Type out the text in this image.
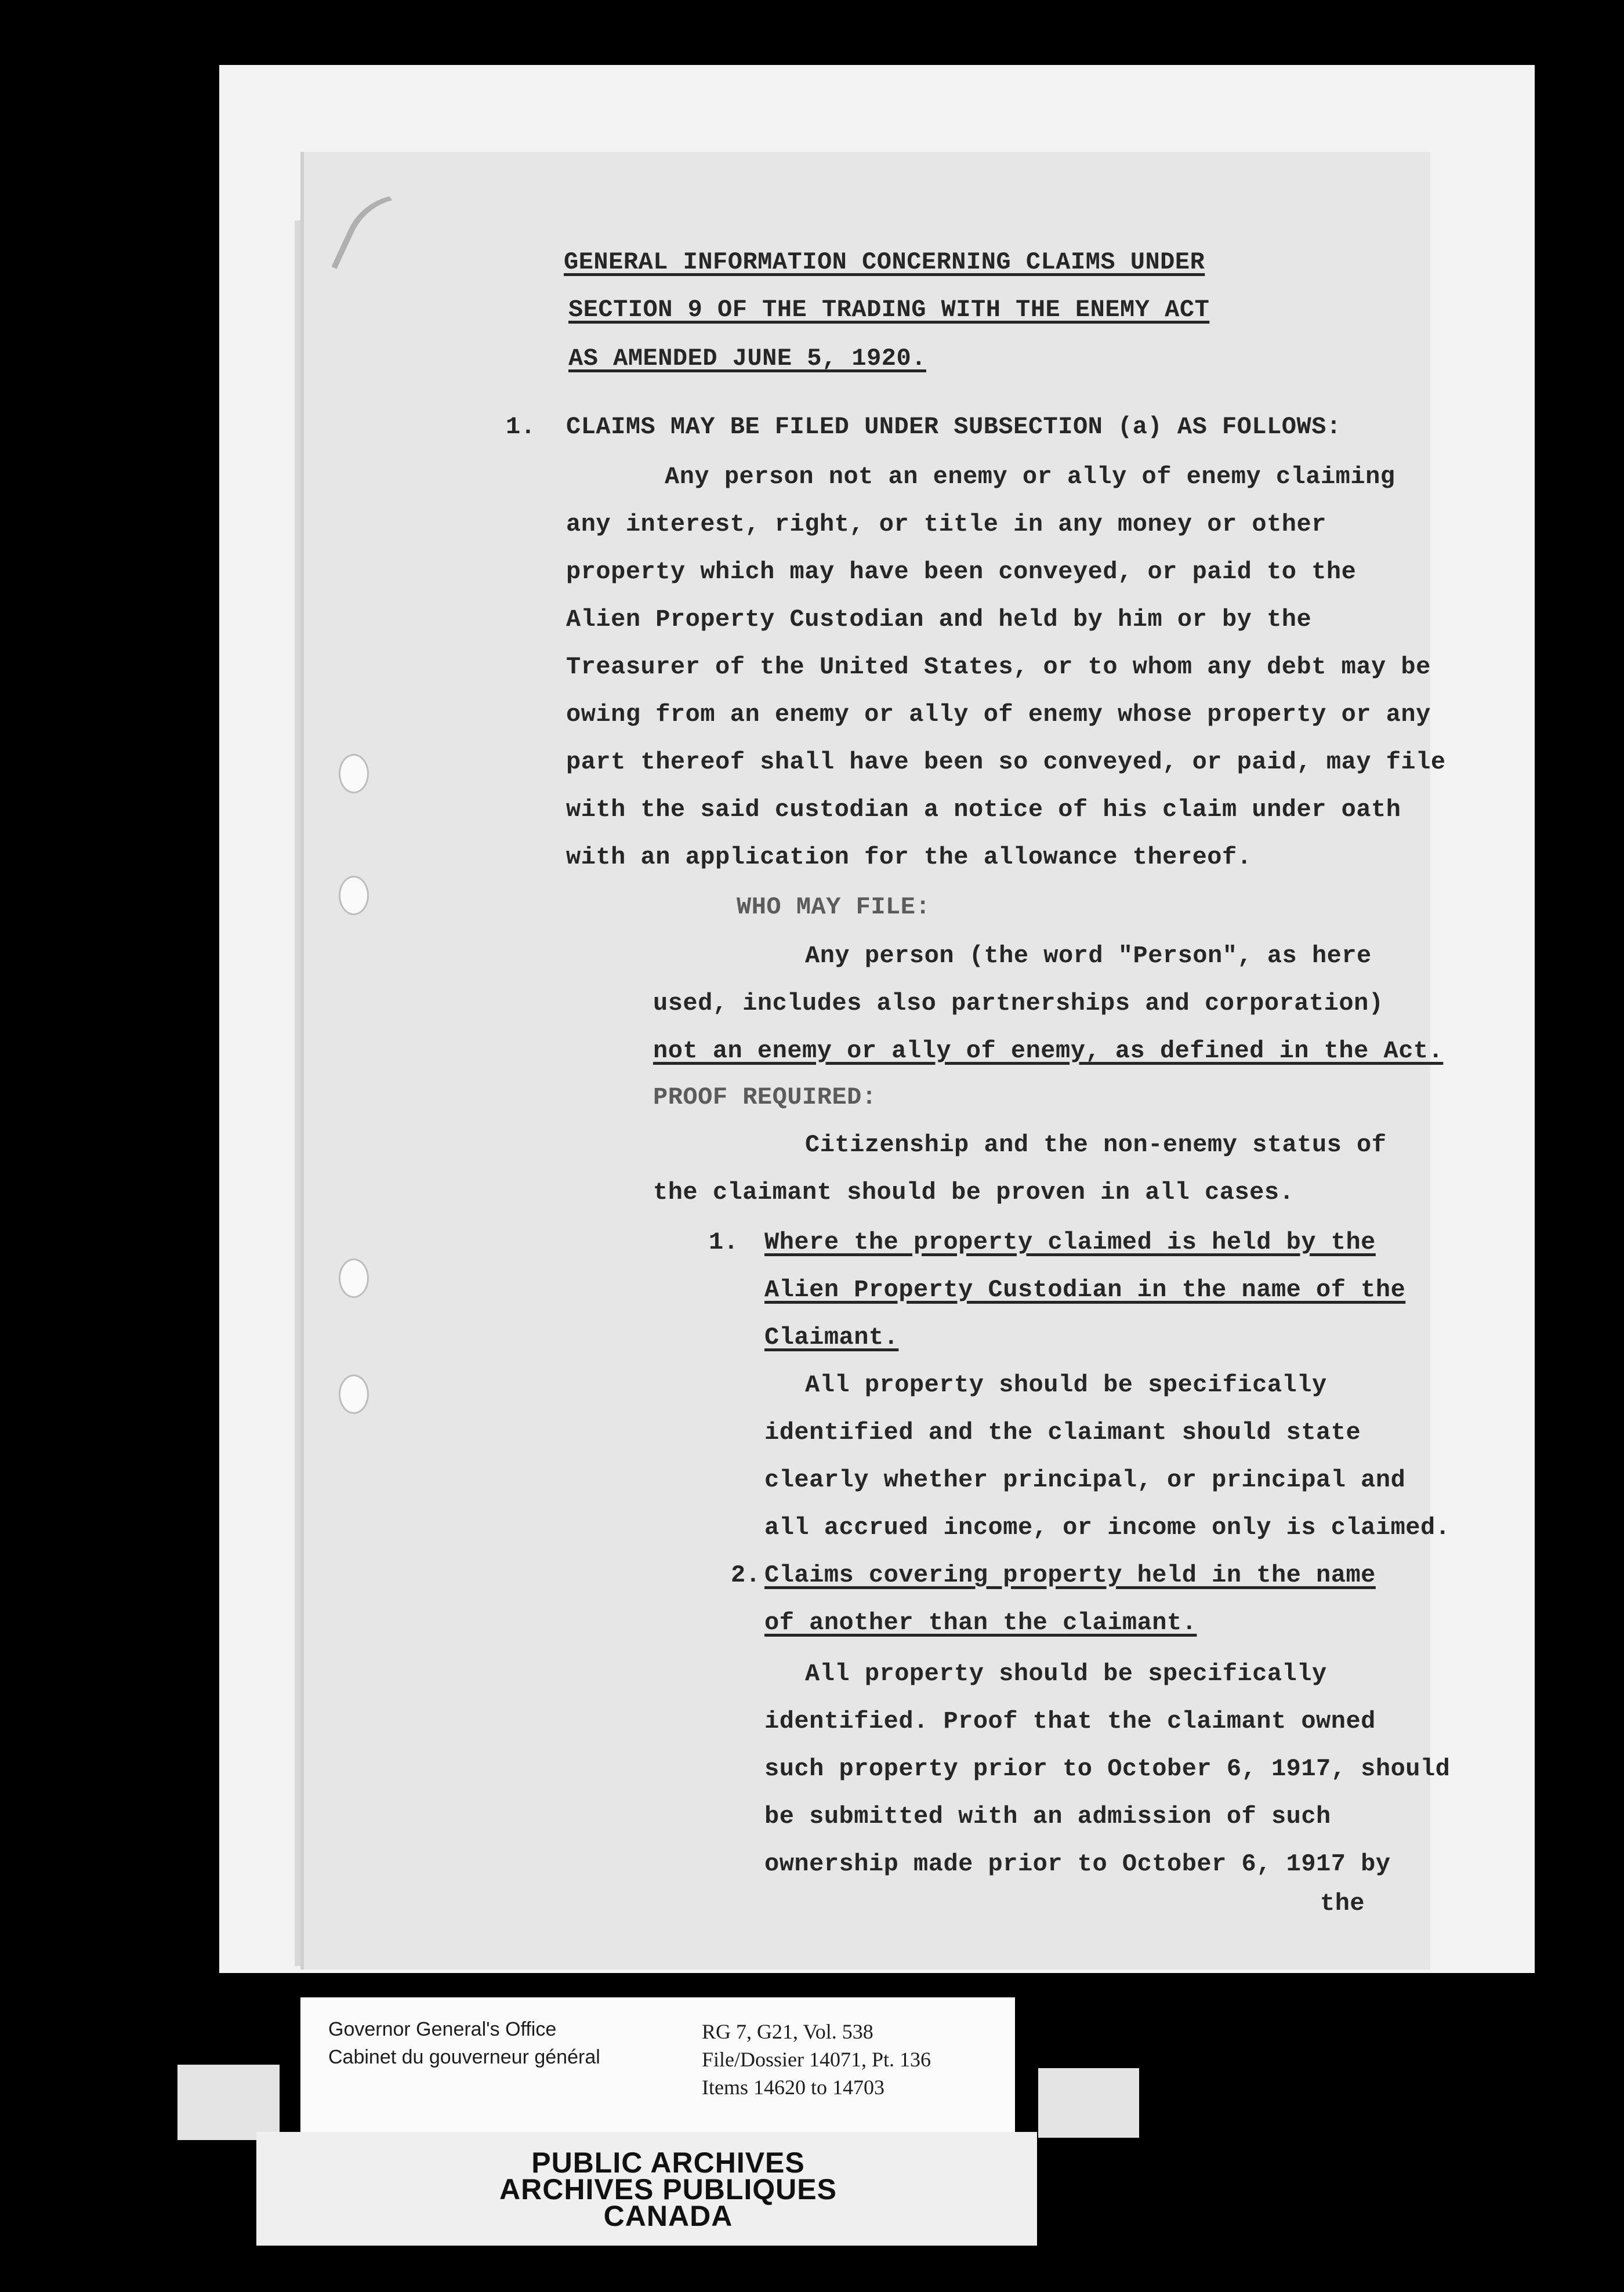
GENERAL INFORMATION CONCERNING CLAIMS UNDER
SECTION 9 OF THE TRADING WITH THE ENEMY ACT
AS AMENDED JUNE 5, 1920.
1. CLAIMS MAY BE FILED UNDER SUBSECTION (a) AS FOLLOWS:
Any person not an enemy or ally of enemy claiming
any interest, right, or title in any money or other
property which may have been conveyed, or paid to the
Alien Property Custodian and held by him or by the
Treasurer of the United States, or to whom any debt may be
owing from an enemy or ally of enemy whose property or any
part thereof shall have been so conveyed, or paid, may file
with the said custodian a notice of his claim under oath
with an application for the allowance thereof.
WHO MAY FILE:
Any person (the word "Person", as here
used, includes also partnerships and corporation)
not an enemy or ally of enemy, as defined in the Act.
PROOF REQUIRED:
Citizenship and the non-enemy status of
the claimant should be proven in all cases.
1. Where the property claimed is held by the
Alien Property Custodian in the name of the
Claimant.
All property should be specifically
identified and the claimant should state
clearly whether principal, or principal and
all accrued income, or income only is claimed.
2. Claims covering property held in the name
of another than the claimant.
All property should be specifically
identified. Proof that the claimant owned
such property prior to October 6, 1917, should
be submitted with an admission of such
ownership made prior to October 6, 1917 by
the
Governor General's Office
Cabinet du gouverneur général
RG 7, G21, Vol. 538
File/Dossier 14071, Pt. 136
Items 14620 to 14703
PUBLIC ARCHIVES
ARCHIVES PUBLIQUES
CANADA
